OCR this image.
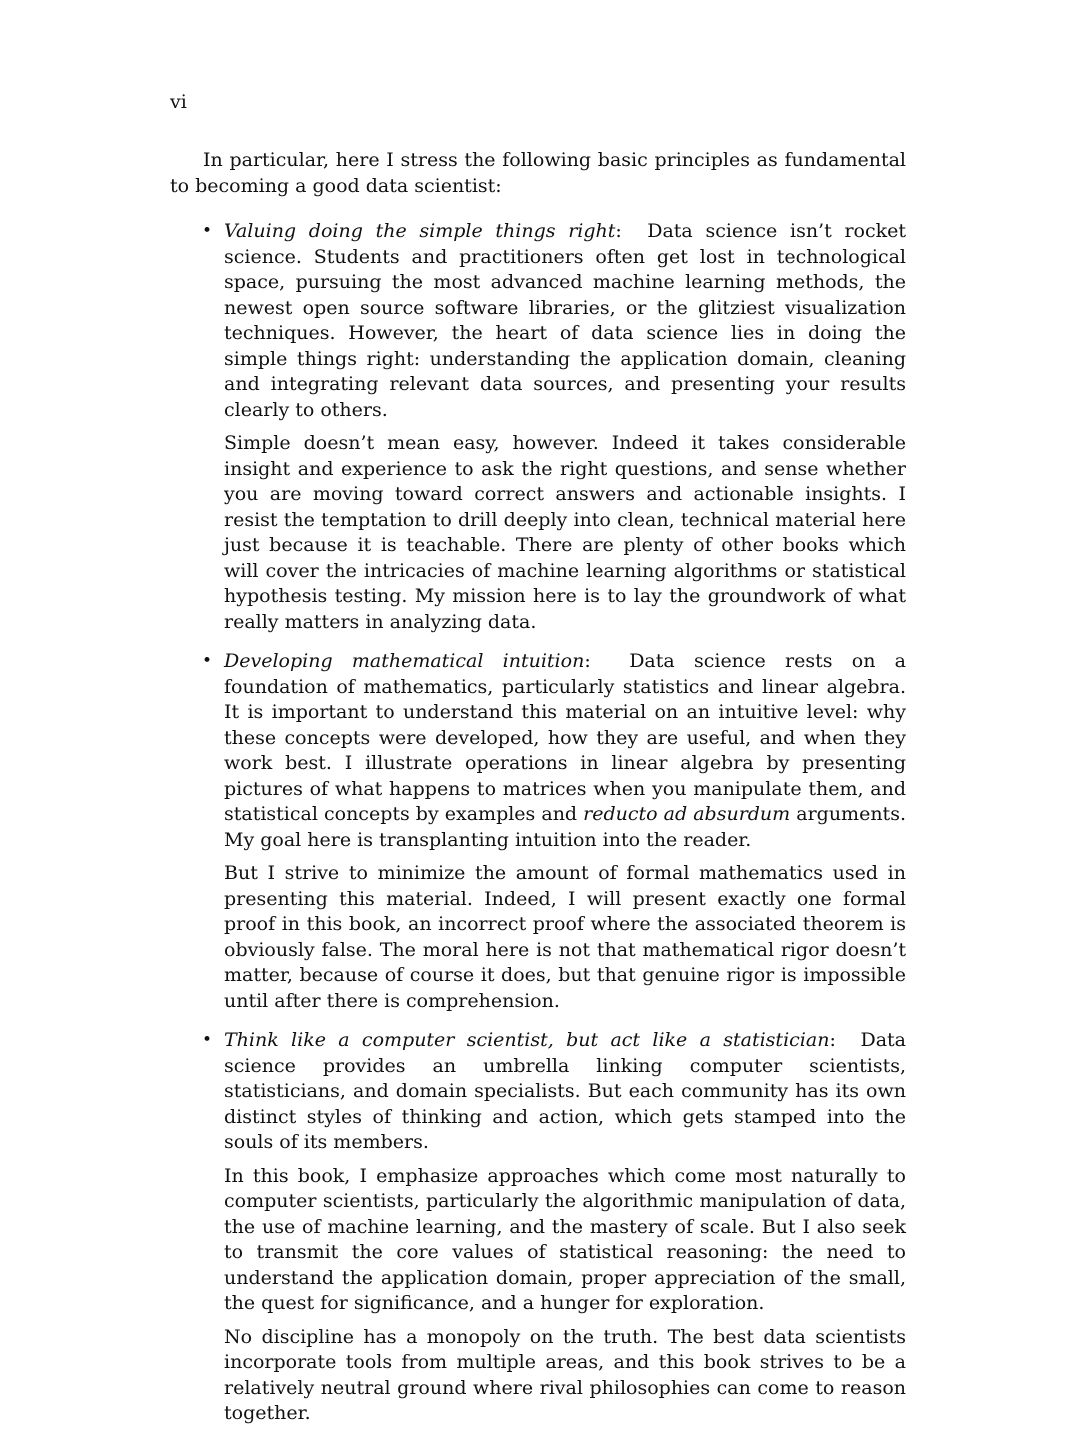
vi

In particular, here I stress the following basic principles as fundamental to becoming a good data scientist:

• Valuing doing the simple things right:  Data science isn’t rocket science. Students and practitioners often get lost in technological space, pursuing the most advanced machine learning methods, the newest open source software libraries, or the glitziest visualization techniques. However, the heart of data science lies in doing the simple things right: understanding the application domain, cleaning and integrating relevant data sources, and presenting your results clearly to others.

Simple doesn’t mean easy, however. Indeed it takes considerable insight and experience to ask the right questions, and sense whether you are moving toward correct answers and actionable insights. I resist the temptation to drill deeply into clean, technical material here just because it is teachable. There are plenty of other books which will cover the intricacies of machine learning algorithms or statistical hypothesis testing. My mission here is to lay the groundwork of what really matters in analyzing data.

• Developing mathematical intuition:  Data science rests on a foundation of mathematics, particularly statistics and linear algebra. It is important to understand this material on an intuitive level: why these concepts were developed, how they are useful, and when they work best. I illustrate operations in linear algebra by presenting pictures of what happens to matrices when you manipulate them, and statistical concepts by examples and reducto ad absurdum arguments. My goal here is transplanting intuition into the reader.

But I strive to minimize the amount of formal mathematics used in presenting this material. Indeed, I will present exactly one formal proof in this book, an incorrect proof where the associated theorem is obviously false. The moral here is not that mathematical rigor doesn’t matter, because of course it does, but that genuine rigor is impossible until after there is comprehension.

• Think like a computer scientist, but act like a statistician:  Data science provides an umbrella linking computer scientists, statisticians, and domain specialists. But each community has its own distinct styles of thinking and action, which gets stamped into the souls of its members.

In this book, I emphasize approaches which come most naturally to computer scientists, particularly the algorithmic manipulation of data, the use of machine learning, and the mastery of scale. But I also seek to transmit the core values of statistical reasoning: the need to understand the application domain, proper appreciation of the small, the quest for significance, and a hunger for exploration.

No discipline has a monopoly on the truth. The best data scientists incorporate tools from multiple areas, and this book strives to be a relatively neutral ground where rival philosophies can come to reason together.
